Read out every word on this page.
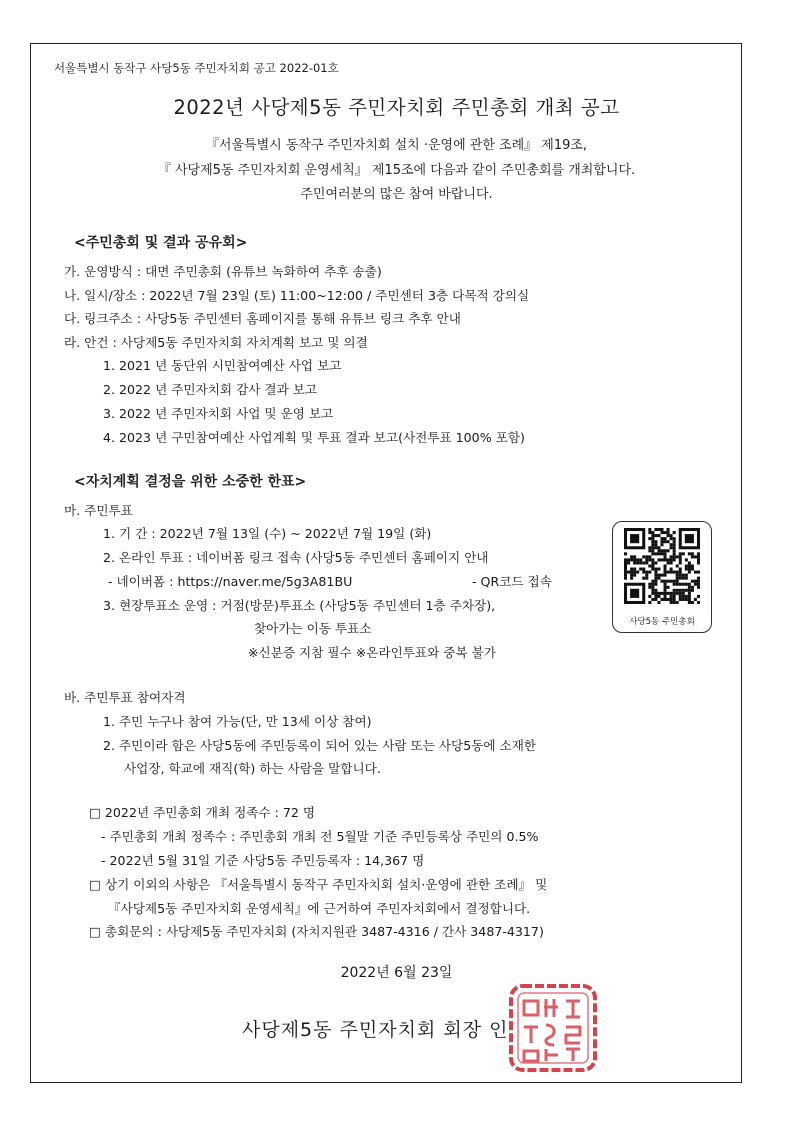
서울특별시 동작구 사당5동 주민자치회 공고 2022-01호
2022년 사당제5동 주민자치회 주민총회 개최 공고
『서울특별시 동작구 주민자치회 설치 ·운영에 관한 조례』 제19조,
『 사당제5동 주민자치회 운영세칙』 제15조에 다음과 같이 주민총회를 개최합니다.
주민여러분의 많은 참여 바랍니다.
<주민총회 및 결과 공유회>
가. 운영방식 : 대면 주민총회 (유튜브 녹화하여 추후 송출)
나. 일시/장소 : 2022년 7월 23일 (토) 11:00~12:00 / 주민센터 3층 다목적 강의실
다. 링크주소 : 사당5동 주민센터 홈페이지를 통해 유튜브 링크 추후 안내
라. 안건 : 사당제5동 주민자치회 자치계획 보고 및 의결
1. 2021 년 동단위 시민참여예산 사업 보고
2. 2022 년 주민자치회 감사 결과 보고
3. 2022 년 주민자치회 사업 및 운영 보고
4. 2023 년 구민참여예산 사업계획 및 투표 결과 보고(사전투표 100% 포함)
<자치계획 결정을 위한 소중한 한표>
마. 주민투표
1. 기 간 : 2022년 7월 13일 (수) ~ 2022년 7월 19일 (화)
2. 온라인 투표 : 네이버폼 링크 접속 (사당5동 주민센터 홈페이지 안내
- 네이버폼 : https://naver.me/5g3A81BU	- QR코드 접속
3. 현장투표소 운영 : 거점(방문)투표소 (사당5동 주민센터 1층 주차장),
찾아가는 이동 투표소
※신분증 지참 필수 ※온라인투표와 중복 불가
사당5동 주민총회
바. 주민투표 참여자격
1. 주민 누구나 참여 가능(단, 만 13세 이상 참여)
2. 주민이라 함은 사당5동에 주민등록이 되어 있는 사람 또는 사당5동에 소재한
사업장, 학교에 재직(학) 하는 사람을 말합니다.
□ 2022년 주민총회 개최 정족수 : 72 명
- 주민총회 개최 정족수 : 주민총회 개최 전 5월말 기준 주민등록상 주민의 0.5%
- 2022년 5월 31일 기준 사당5동 주민등록자 : 14,367 명
□ 상기 이외의 사항은 『서울특별시 동작구 주민자치회 설치·운영에 관한 조례』 및
『사당제5동 주민자치회 운영세칙』에 근거하여 주민자치회에서 결정합니다.
□ 총회문의 : 사당제5동 주민자치회 (자치지원관 3487-4316 / 간사 3487-4317)
2022년 6월 23일
사당제5동 주민자치회 회장 인
